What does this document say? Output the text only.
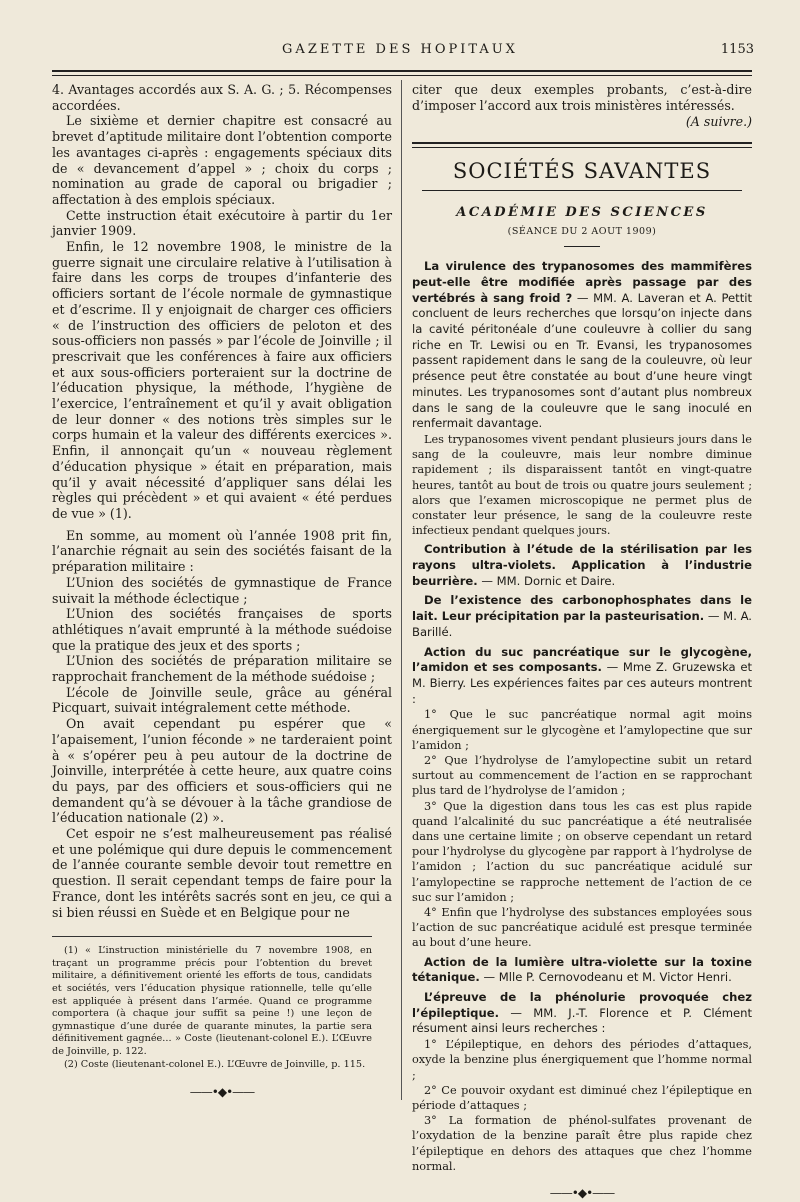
GAZETTE DES HOPITAUX	1153

4. Avantages accordés aux S. A. G. ; 5. Récompenses accordées.

Le sixième et dernier chapitre est consacré au brevet d’aptitude militaire dont l’obtention comporte les avantages ci-après : engagements spéciaux dits de « devancement d’appel » ; choix du corps ; nomination au grade de caporal ou brigadier ; affectation à des emplois spéciaux.

Cette instruction était exécutoire à partir du 1er janvier 1909.

Enfin, le 12 novembre 1908, le ministre de la guerre signait une circulaire relative à l’utilisation à faire dans les corps de troupes d’infanterie des officiers sortant de l’école normale de gymnastique et d’escrime. Il y enjoignait de charger ces officiers « de l’instruction des officiers de peloton et des sous-officiers non passés » par l’école de Joinville ; il prescrivait que les conférences à faire aux officiers et aux sous-officiers porteraient sur la doctrine de l’éducation physique, la méthode, l’hygiène de l’exercice, l’entraînement et qu’il y avait obligation de leur donner « des notions très simples sur le corps humain et la valeur des différents exercices ». Enfin, il annonçait qu’un « nouveau règlement d’éducation physique » était en préparation, mais qu’il y avait nécessité d’appliquer sans délai les règles qui précèdent » et qui avaient « été perdues de vue » (1).

En somme, au moment où l’année 1908 prit fin, l’anarchie régnait au sein des sociétés faisant de la préparation militaire :

L’Union des sociétés de gymnastique de France suivait la méthode éclectique ;

L’Union des sociétés françaises de sports athlétiques n’avait emprunté à la méthode suédoise que la pratique des jeux et des sports ;

L’Union des sociétés de préparation militaire se rapprochait franchement de la méthode suédoise ;

L’école de Joinville seule, grâce au général Picquart, suivait intégralement cette méthode.

On avait cependant pu espérer que « l’apaisement, l’union féconde » ne tarderaient point à « s’opérer peu à peu autour de la doctrine de Joinville, interprétée à cette heure, aux quatre coins du pays, par des officiers et sous-officiers qui ne demandent qu’à se dévouer à la tâche grandiose de l’éducation nationale (2) ».

Cet espoir ne s’est malheureusement pas réalisé et une polémique qui dure depuis le commencement de l’année courante semble devoir tout remettre en question. Il serait cependant temps de faire pour la France, dont les intérêts sacrés sont en jeu, ce qui a si bien réussi en Suède et en Belgique pour ne

(1) « L’instruction ministérielle du 7 novembre 1908, en traçant un programme précis pour l’obtention du brevet militaire, a définitivement orienté les efforts de tous, candidats et sociétés, vers l’éducation physique rationnelle, telle qu’elle est appliquée à présent dans l’armée. Quand ce programme comportera (à chaque jour suffit sa peine !) une leçon de gymnastique d’une durée de quarante minutes, la partie sera définitivement gagnée... » Coste (lieutenant-colonel E.). L’Œuvre de Joinville, p. 122.

(2) Coste (lieutenant-colonel E.). L’Œuvre de Joinville, p. 115.

——•◆•——

citer que deux exemples probants, c’est-à-dire d’imposer l’accord aux trois ministères intéressés.

(A suivre.)

SOCIÉTÉS SAVANTES
ACADÉMIE DES SCIENCES
(SÉANCE DU 2 AOUT 1909)

La virulence des trypanosomes des mammifères peut-elle être modifiée après passage par des vertébrés à sang froid ? — MM. A. Laveran et A. Pettit concluent de leurs recherches que lorsqu’on injecte dans la cavité péritonéale d’une couleuvre à collier du sang riche en Tr. Lewisi ou en Tr. Evansi, les trypanosomes passent rapidement dans le sang de la couleuvre, où leur présence peut être constatée au bout d’une heure vingt minutes. Les trypanosomes sont d’autant plus nombreux dans le sang de la couleuvre que le sang inoculé en renfermait davantage.

Les trypanosomes vivent pendant plusieurs jours dans le sang de la couleuvre, mais leur nombre diminue rapidement ; ils disparaissent tantôt en vingt-quatre heures, tantôt au bout de trois ou quatre jours seulement ; alors que l’examen microscopique ne permet plus de constater leur présence, le sang de la couleuvre reste infectieux pendant quelques jours.

Contribution à l’étude de la stérilisation par les rayons ultra-violets. Application à l’industrie beurrière. — MM. Dornic et Daire.

De l’existence des carbonophosphates dans le lait. Leur précipitation par la pasteurisation. — M. A. Barillé.

Action du suc pancréatique sur le glycogène, l’amidon et ses composants. — Mme Z. Gruzewska et M. Bierry. Les expériences faites par ces auteurs montrent :

1° Que le suc pancréatique normal agit moins énergiquement sur le glycogène et l’amylopectine que sur l’amidon ;

2° Que l’hydrolyse de l’amylopectine subit un retard surtout au commencement de l’action en se rapprochant plus tard de l’hydrolyse de l’amidon ;

3° Que la digestion dans tous les cas est plus rapide quand l’alcalinité du suc pancréatique a été neutralisée dans une certaine limite ; on observe cependant un retard pour l’hydrolyse du glycogène par rapport à l’hydrolyse de l’amidon ; l’action du suc pancréatique acidulé sur l’amylopectine se rapproche nettement de l’action de ce suc sur l’amidon ;

4° Enfin que l’hydrolyse des substances employées sous l’action de suc pancréatique acidulé est presque terminée au bout d’une heure.

Action de la lumière ultra-violette sur la toxine tétanique. — Mlle P. Cernovodeanu et M. Victor Henri.

L’épreuve de la phénolurie provoquée chez l’épileptique. — MM. J.-T. Florence et P. Clément résument ainsi leurs recherches :

1° L’épileptique, en dehors des périodes d’attaques, oxyde la benzine plus énergiquement que l’homme normal ;

2° Ce pouvoir oxydant est diminué chez l’épileptique en période d’attaques ;

3° La formation de phénol-sulfates provenant de l’oxydation de la benzine paraît être plus rapide chez l’épileptique en dehors des attaques que chez l’homme normal.

——•◆•——
